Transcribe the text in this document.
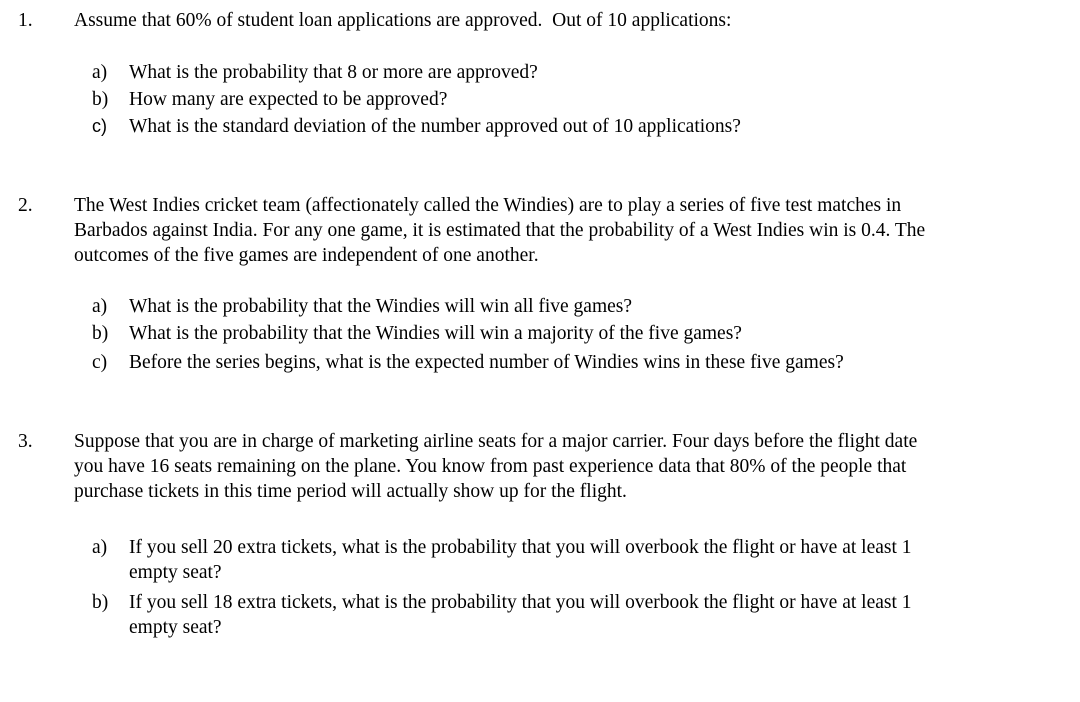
1. Assume that 60% of student loan applications are approved.  Out of 10 applications:
a) What is the probability that 8 or more are approved?
b) How many are expected to be approved?
c) What is the standard deviation of the number approved out of 10 applications?
2. The West Indies cricket team (affectionately called the Windies) are to play a series of five test matches in
Barbados against India. For any one game, it is estimated that the probability of a West Indies win is 0.4. The
outcomes of the five games are independent of one another.
a) What is the probability that the Windies will win all five games?
b) What is the probability that the Windies will win a majority of the five games?
c) Before the series begins, what is the expected number of Windies wins in these five games?
3. Suppose that you are in charge of marketing airline seats for a major carrier. Four days before the flight date
you have 16 seats remaining on the plane. You know from past experience data that 80% of the people that
purchase tickets in this time period will actually show up for the flight.
a) If you sell 20 extra tickets, what is the probability that you will overbook the flight or have at least 1
empty seat?
b) If you sell 18 extra tickets, what is the probability that you will overbook the flight or have at least 1
empty seat?
